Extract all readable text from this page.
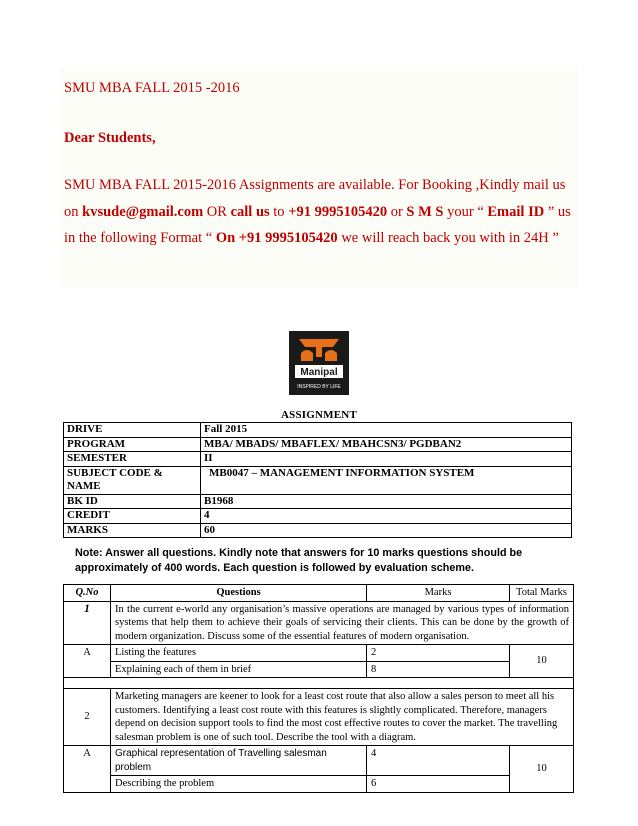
SMU MBA FALL 2015 -2016
Dear Students,
SMU MBA FALL 2015-2016 Assignments are available. For Booking ,Kindly mail us on kvsude@gmail.com OR call us to +91 9995105420 or S M S your “ Email ID ” us in the following Format “ On +91 9995105420 we will reach back you with in 24H ”
Manipal
INSPIRED BY LIFE
ASSIGNMENT
DRIVE	Fall 2015
PROGRAM	MBA/ MBADS/ MBAFLEX/ MBAHCSN3/ PGDBAN2
SEMESTER	II
SUBJECT CODE & NAME	MB0047 – MANAGEMENT INFORMATION SYSTEM
BK ID	B1968
CREDIT	4
MARKS	60
Note: Answer all questions. Kindly note that answers for 10 marks questions should be approximately of 400 words. Each question is followed by evaluation scheme.
Q.No	Questions	Marks	Total Marks
1	In the current e-world any organisation’s massive operations are managed by various types of information systems that help them to achieve their goals of servicing their clients. This can be done by the growth of modern organization. Discuss some of the essential features of modern organisation.		
A	Listing the features	2	10
	Explaining each of them in brief	8	

2	Marketing managers are keener to look for a least cost route that also allow a sales person to meet all his customers. Identifying a least cost route with this features is slightly complicated. Therefore, managers depend on decision support tools to find the most cost effective routes to cover the market. The travelling salesman problem is one of such tool. Describe the tool with a diagram.		
A	Graphical representation of Travelling salesman problem	4	10
	Describing the problem	6	
